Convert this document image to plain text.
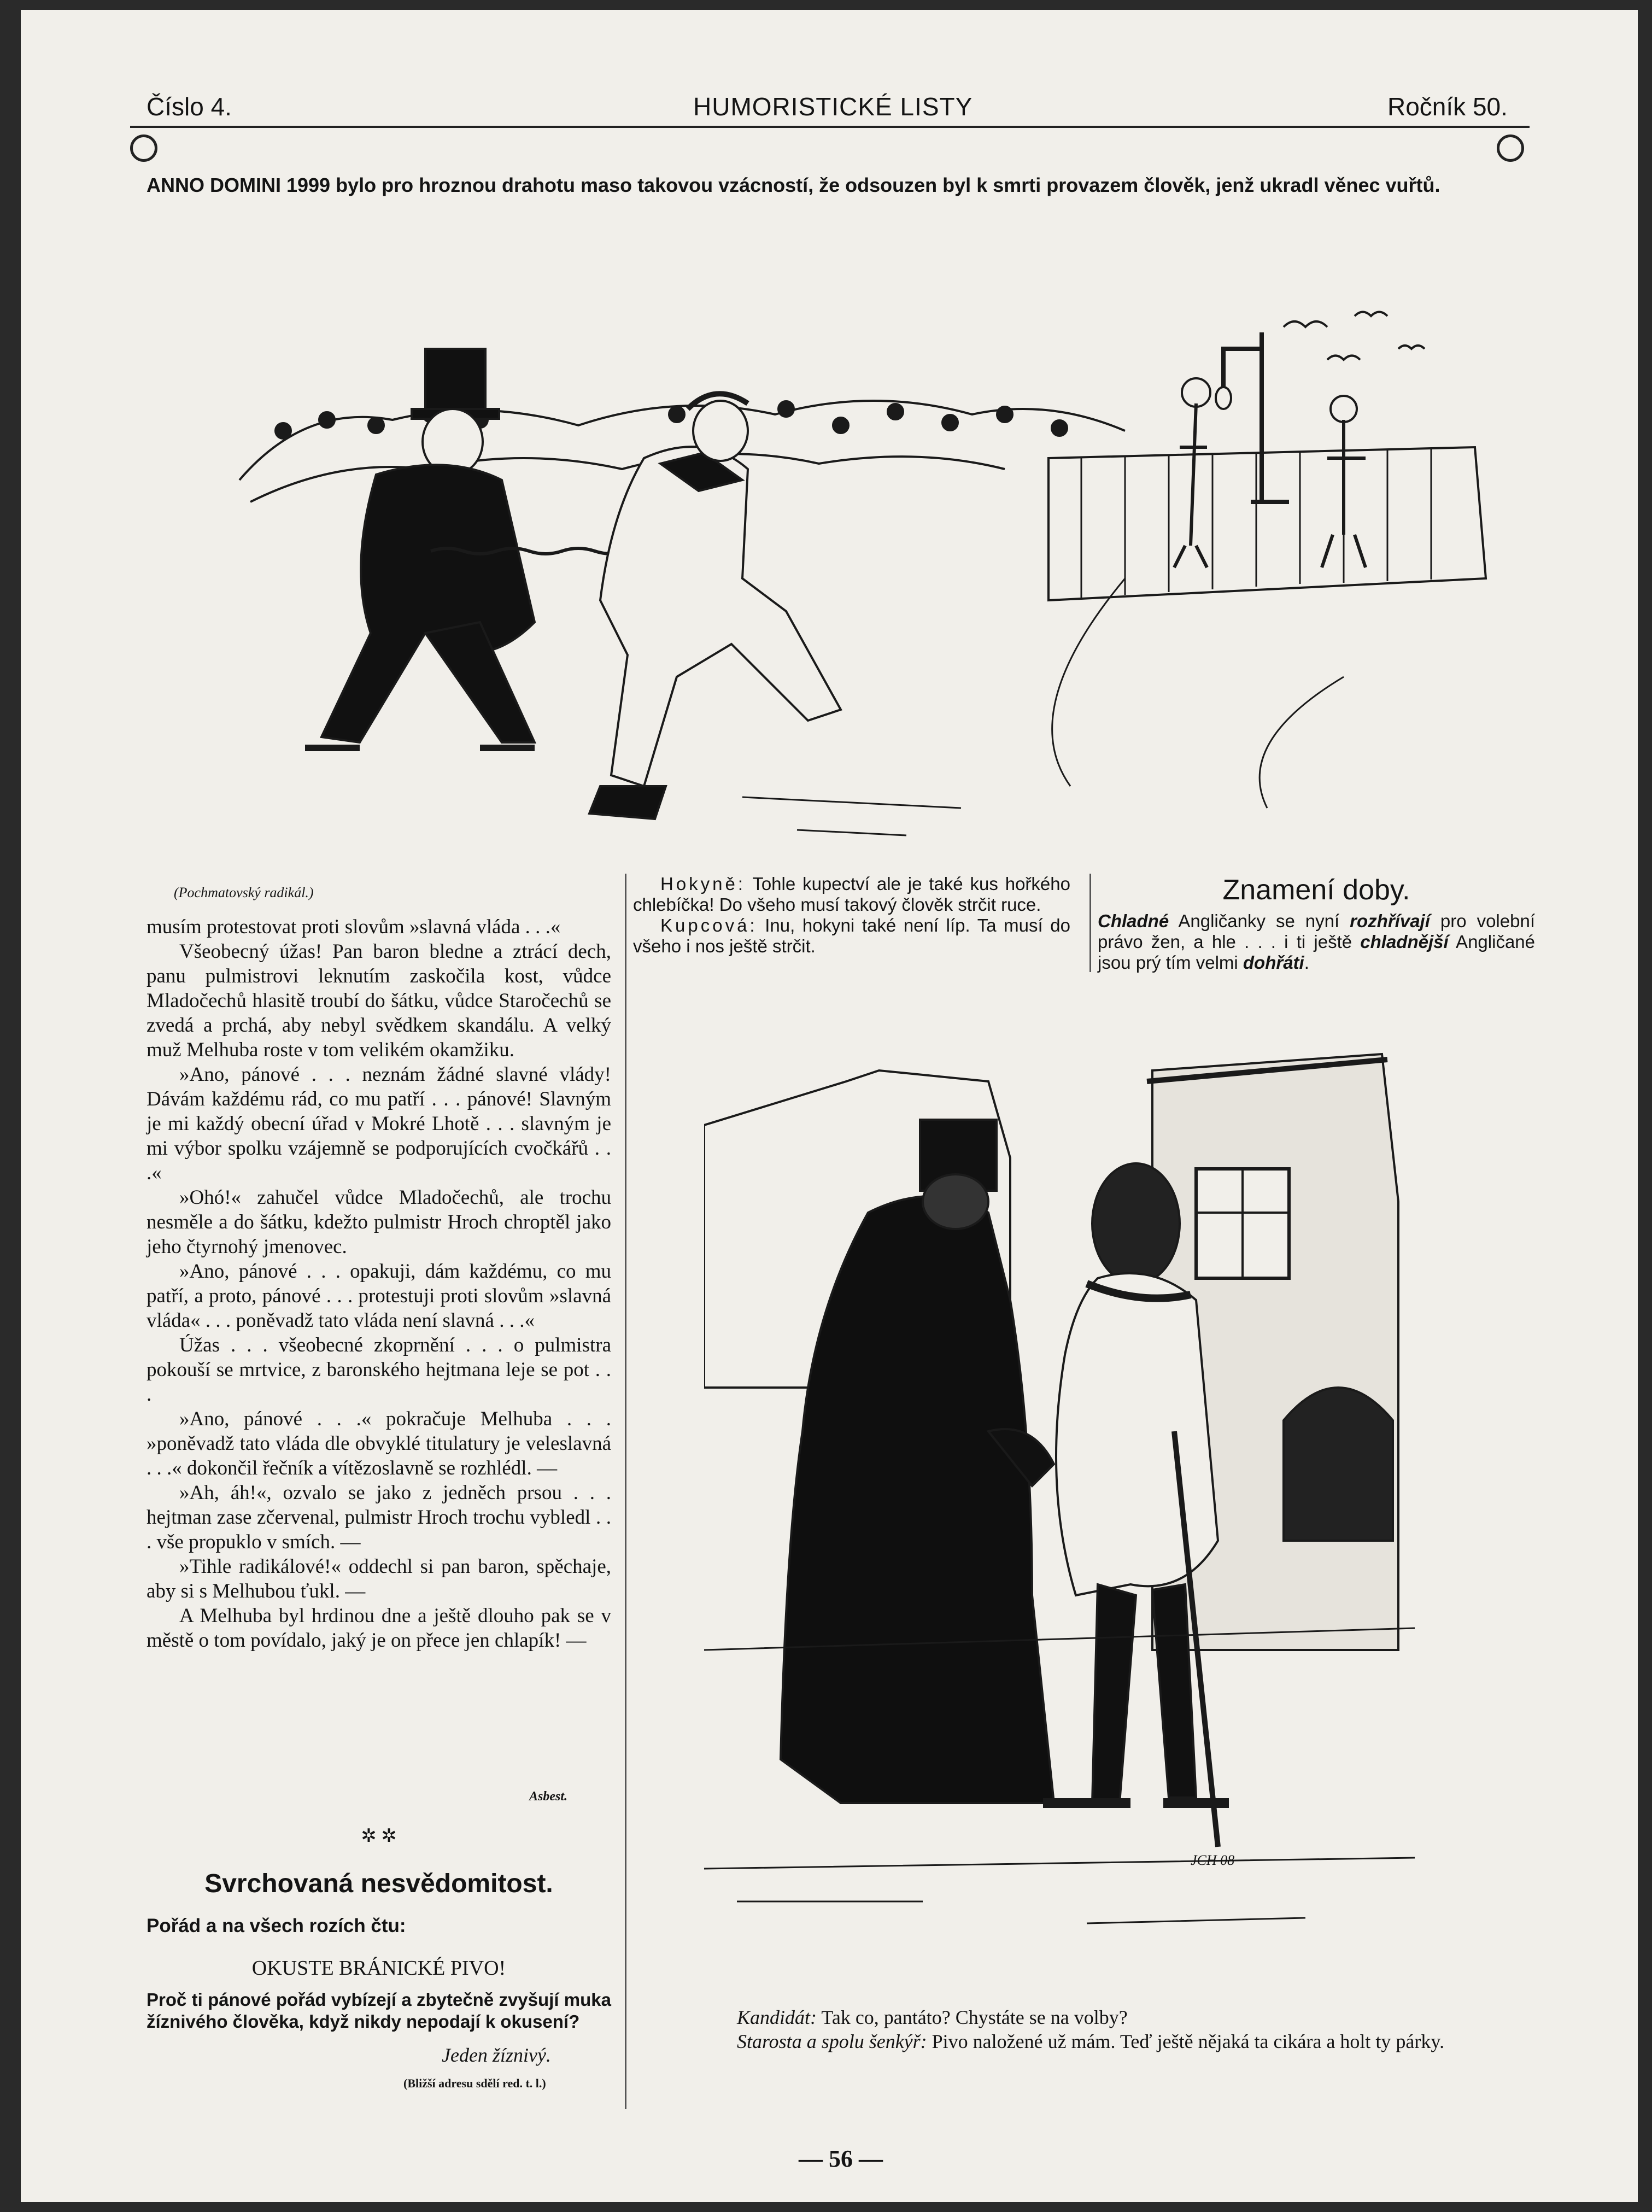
Číslo 4.	HUMORISTICKÉ LISTY	Ročník 50.
ANNO DOMINI 1999 bylo pro hroznou drahotu maso takovou vzácností, že odsouzen byl k smrti provazem člověk, jenž ukradl věnec vuřtů.
(Pochmatovský radikál.)

musím protestovat proti slovům »slavná vláda . . .«

Všeobecný úžas! Pan baron bledne a ztrácí dech, panu pulmistrovi leknutím zaskočila kost, vůdce Mladočechů hlasitě troubí do šátku, vůdce Staročechů se zvedá a prchá, aby nebyl svědkem skandálu. A velký muž Melhuba roste v tom velikém okamžiku.

»Ano, pánové . . . neznám žádné slavné vlády! Dávám každému rád, co mu patří . . . pánové! Slavným je mi každý obecní úřad v Mokré Lhotě . . . slavným je mi výbor spolku vzájemně se podporujících cvočkářů . . .«

»Ohó!« zahučel vůdce Mladočechů, ale trochu nesměle a do šátku, kdežto pulmistr Hroch chroptěl jako jeho čtyrnohý jmenovec.

»Ano, pánové . . . opakuji, dám každému, co mu patří, a proto, pánové . . . protestuji proti slovům »slavná vláda« . . . poněvadž tato vláda není slavná . . .«

Úžas . . . všeobecné zkoprnění . . . o pulmistra pokouší se mrtvice, z baronského hejtmana leje se pot . . .

»Ano, pánové . . .« pokračuje Melhuba . . . »poněvadž tato vláda dle obvyklé titulatury je veleslavná . . .« dokončil řečník a vítězoslavně se rozhlédl. —

»Ah, áh!«, ozvalo se jako z jedněch prsou . . . hejtman zase zčervenal, pulmistr Hroch trochu vybledl . . . vše propuklo v smích. —

»Tihle radikálové!« oddechl si pan baron, spěchaje, aby si s Melhubou ťukl. —

A Melhuba byl hrdinou dne a ještě dlouho pak se v městě o tom povídalo, jaký je on přece jen chlapík! —

Asbest.
✲ ✲
Svrchovaná nesvědomitost.
Pořád a na všech rozích čtu:
OKUSTE BRÁNICKÉ PIVO!
Proč ti pánové pořád vybízejí a zbytečně zvyšují muka žíznivého člověka, když nikdy nepodají k okusení?
Jeden žíznivý.
(Bližší adresu sdělí red. t. l.)

Hokyně: Tohle kupectví ale je také kus hořkého chlebíčka! Do všeho musí takový člověk strčit ruce.

Kupcová: Inu, hokyni také není líp. Ta musí do všeho i nos ještě strčit.

Znamení doby.
Chladné Angličanky se nyní rozhřívají pro volební právo žen, a hle . . . i ti ještě chladnější Angličané jsou prý tím velmi dohřáti.
JCH 08

Kandidát: Tak co, pantáto? Chystáte se na volby?

Starosta a spolu šenkýř: Pivo naložené už mám. Teď ještě nějaká ta cikára a holt ty párky.

— 56 —
